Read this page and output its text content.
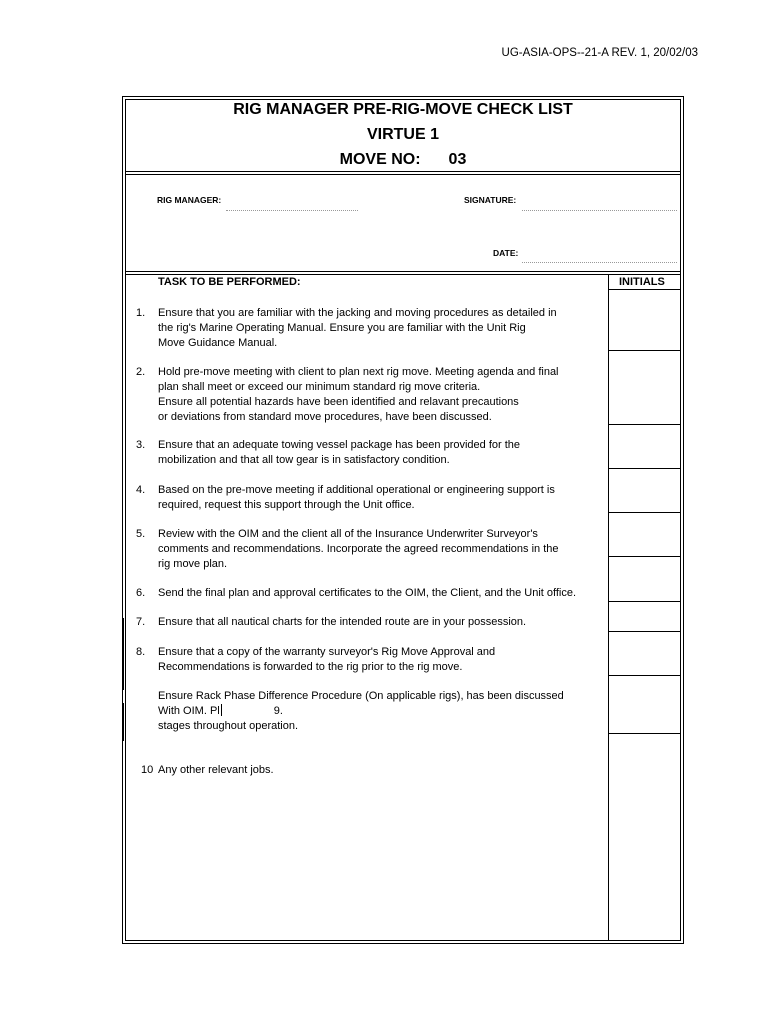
UG-ASIA-OPS--21-A REV. 1, 20/02/03
RIG MANAGER PRE-RIG-MOVE CHECK LIST
VIRTUE 1
MOVE NO: 03
RIG MANAGER:	SIGNATURE:
DATE:
TASK TO BE PERFORMED:	INITIALS
1. Ensure that you are familiar with the jacking and moving procedures as detailed in
the rig's Marine Operating Manual. Ensure you are familiar with the Unit Rig
Move Guidance Manual.
2. Hold pre-move meeting with client to plan next rig move. Meeting agenda and final
plan shall meet or exceed our minimum standard rig move criteria.
Ensure all potential hazards have been identified and relavant precautions
or deviations from standard move procedures, have been discussed.
3. Ensure that an adequate towing vessel package has been provided for the
mobilization and that all tow gear is in satisfactory condition.
4. Based on the pre-move meeting if additional operational or engineering support is
required, request this support through the Unit office.
5. Review with the OIM and the client all of the Insurance Underwriter Surveyor's
comments and recommendations. Incorporate the agreed recommendations in the
rig move plan.
6. Send the final plan and approval certificates to the OIM, the Client, and the Unit office.
7. Ensure that all nautical charts for the intended route are in your possession.
8. Ensure that a copy of the warranty surveyor's Rig Move Approval and
Recommendations is forwarded to the rig prior to the rig move.
Ensure Rack Phase Difference Procedure (On applicable rigs), has been discussed
With OIM. Pl	9.
stages throughout operation.
10 Any other relevant jobs.
